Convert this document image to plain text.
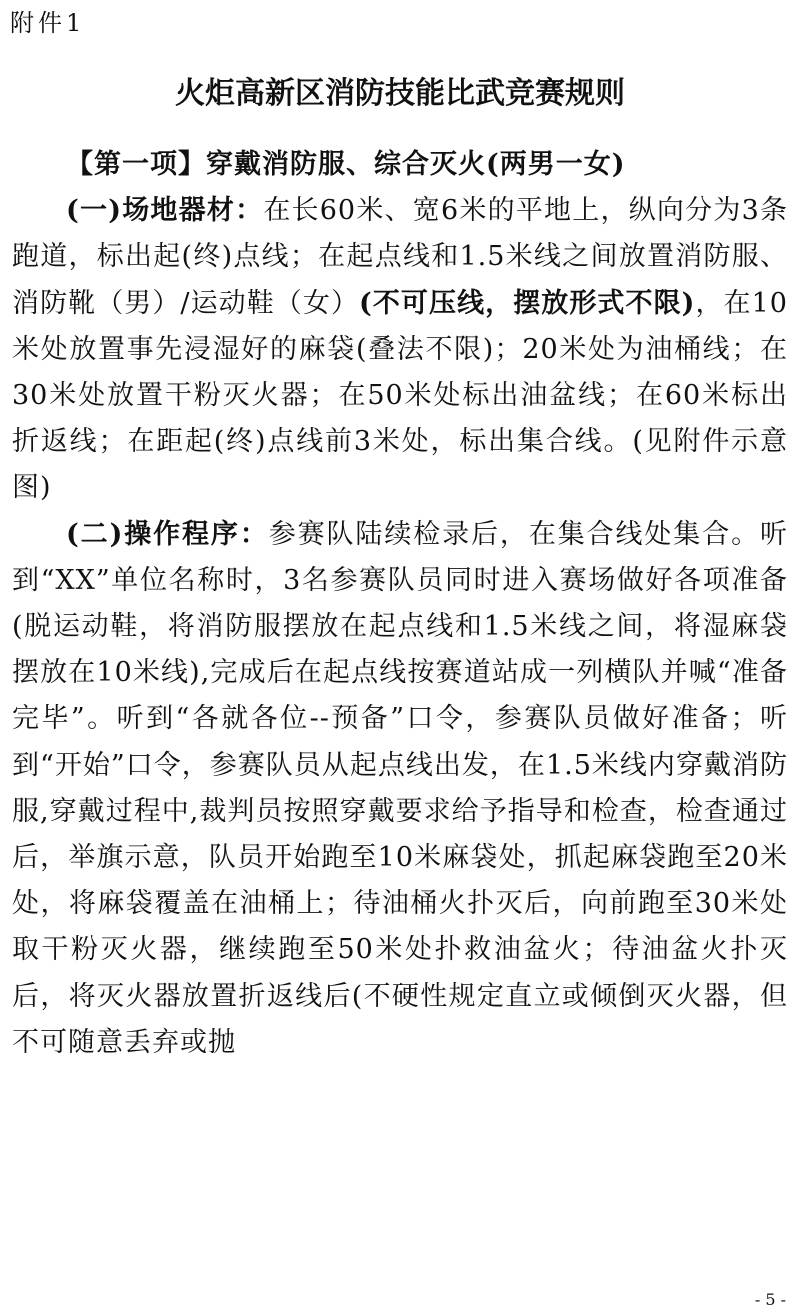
附件1
火炬高新区消防技能比武竞赛规则

【第一项】穿戴消防服、综合灭火(两男一女)

(一)场地器材：在长60米、宽6米的平地上，纵向分为3条跑道，标出起(终)点线；在起点线和1.5米线之间放置消防服、消防靴（男）/运动鞋（女）(不可压线，摆放形式不限)，在10米处放置事先浸湿好的麻袋(叠法不限)；20米处为油桶线；在30米处放置干粉灭火器；在50米处标出油盆线；在60米标出折返线；在距起(终)点线前3米处，标出集合线。(见附件示意图)

(二)操作程序：参赛队陆续检录后，在集合线处集合。听到“XX”单位名称时，3名参赛队员同时进入赛场做好各项准备(脱运动鞋，将消防服摆放在起点线和1.5米线之间，将湿麻袋摆放在10米线),完成后在起点线按赛道站成一列横队并喊“准备完毕”。听到“各就各位--预备”口令，参赛队员做好准备；听到“开始”口令，参赛队员从起点线出发，在1.5米线内穿戴消防服,穿戴过程中,裁判员按照穿戴要求给予指导和检查，检查通过后，举旗示意，队员开始跑至10米麻袋处，抓起麻袋跑至20米处，将麻袋覆盖在油桶上；待油桶火扑灭后，向前跑至30米处取干粉灭火器，继续跑至50米处扑救油盆火；待油盆火扑灭后，将灭火器放置折返线后(不硬性规定直立或倾倒灭火器，但不可随意丢弃或抛

- 5 -
